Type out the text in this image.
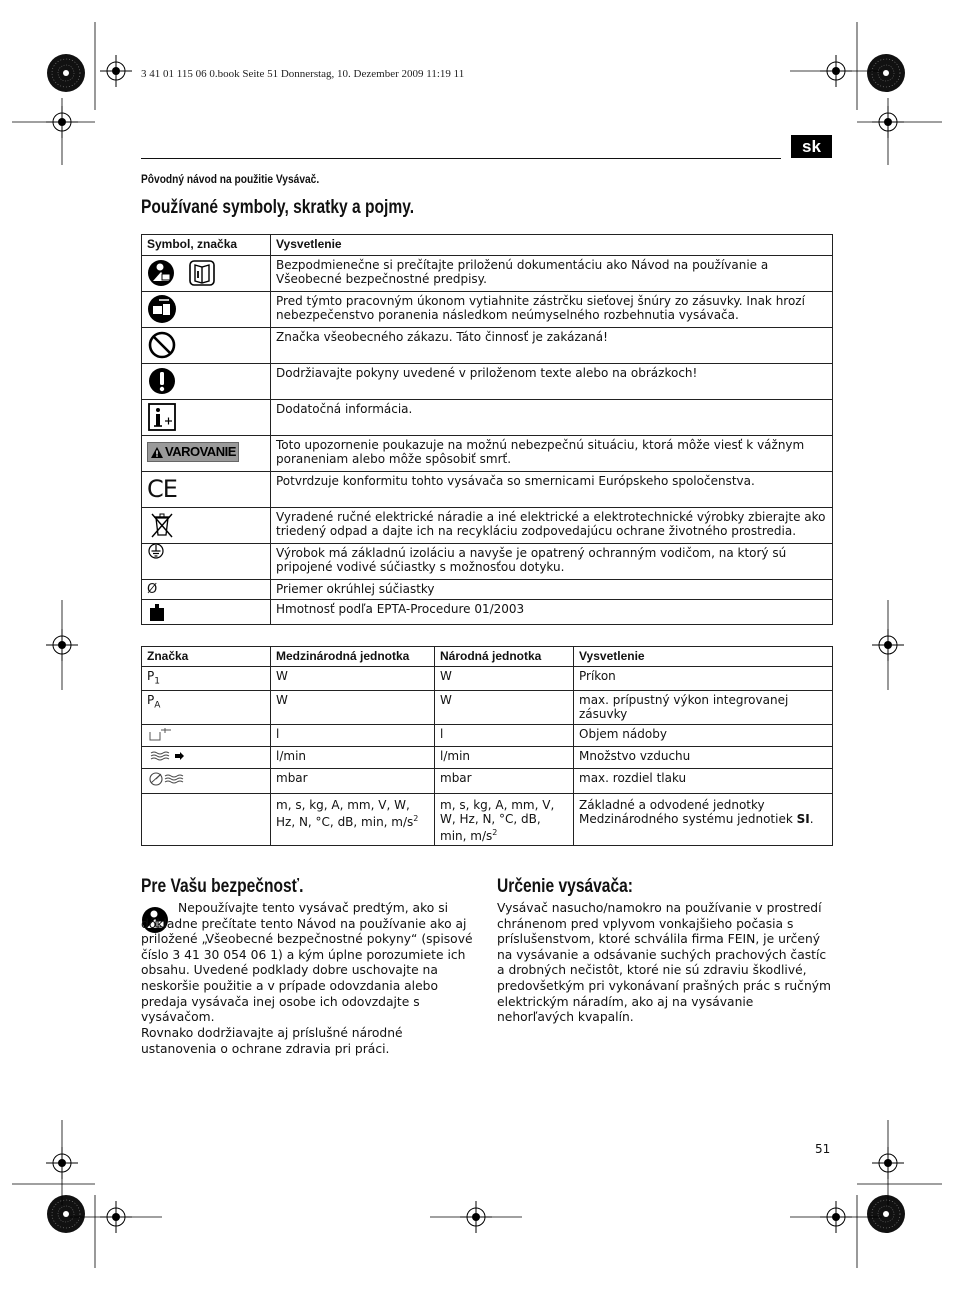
3 41 01 115 06 0.book Seite 51 Donnerstag, 10. Dezember 2009 11:19 11
sk
Pôvodný návod na použitie Vysávač.
Používané symboly, skratky a pojmy.
Symbol, značka	Vysvetlenie
	Bezpodmienečne si prečítajte priloženú dokumentáciu ako Návod na používanie a Všeobecné bezpečnostné predpisy.
	Pred týmto pracovným úkonom vytiahnite zástrčku sieťovej šnúry zo zásuvky. Inak hrozí nebezpečenstvo poranenia následkom neúmyselného rozbehnutia vysávača.
	Značka všeobecného zákazu. Táto činnosť je zakázaná!
	Dodržiavajte pokyny uvedené v priloženom texte alebo na obrázkoch!
	Dodatočná informácia.

VAROVANIE	Toto upozornenie poukazuje na možnú nebezpečnú situáciu, ktorá môže viesť k vážnym poraneniam alebo môže spôsobiť smrť.
CE	Potvrdzuje konformitu tohto vysávača so smernicami Európskeho spoločenstva.
	Vyradené ručné elektrické náradie a iné elektrické a elektrotechnické výrobky zbierajte ako triedený odpad a dajte ich na recykláciu zodpovedajúcu ochrane životného prostredia.
	Výrobok má základnú izoláciu a navyše je opatrený ochranným vodičom, na ktorý sú pripojené vodivé súčiastky s možnosťou dotyku.
Ø	Priemer okrúhlej súčiastky
	Hmotnosť podľa EPTA-Procedure 01/2003
Značka	Medzinárodná jednotka	Národná jednotka	Vysvetlenie
$P_1$	W	W	Príkon
$P_A$	W	W	max. prípustný výkon integrovanej zásuvky
	l	l	Objem nádoby
	l/min	l/min	Množstvo vzduchu
	mbar	mbar	max. rozdiel tlaku
	m, s, kg, A, mm, V, W, Hz, N, °C, dB, min, $m/s^2$	m, s, kg, A, mm, V, W, Hz, N, °C, dB, min, $m/s^2$	Základné a odvodené jednotky Medzinárodného systému jednotiek SI.
Pre Vašu bezpečnosť.
Nepoužívajte tento vysávač predtým, ako si dôkladne prečítate tento Návod na používanie ako aj priložené „Všeobecné bezpečnostné pokyny“ (spisové číslo 3 41 30 054 06 1) a kým úplne porozumiete ich obsahu. Uvedené podklady dobre uschovajte na neskoršie použitie a v prípade odovzdania alebo predaja vysávača inej osobe ich odovzdajte s vysávačom.
Rovnako dodržiavajte aj príslušné národné ustanovenia o ochrane zdravia pri práci.
Určenie vysávača:
Vysávač nasucho/namokro na používanie v prostredí chránenom pred vplyvom vonkajšieho počasia s príslušenstvom, ktoré schválila firma FEIN, je určený na vysávanie a odsávanie suchých prachových častíc a drobných nečistôt, ktoré nie sú zdraviu škodlivé, predovšetkým pri vykonávaní prašných prác s ručným elektrickým náradím, ako aj na vysávanie nehorľavých kvapalín.
51
